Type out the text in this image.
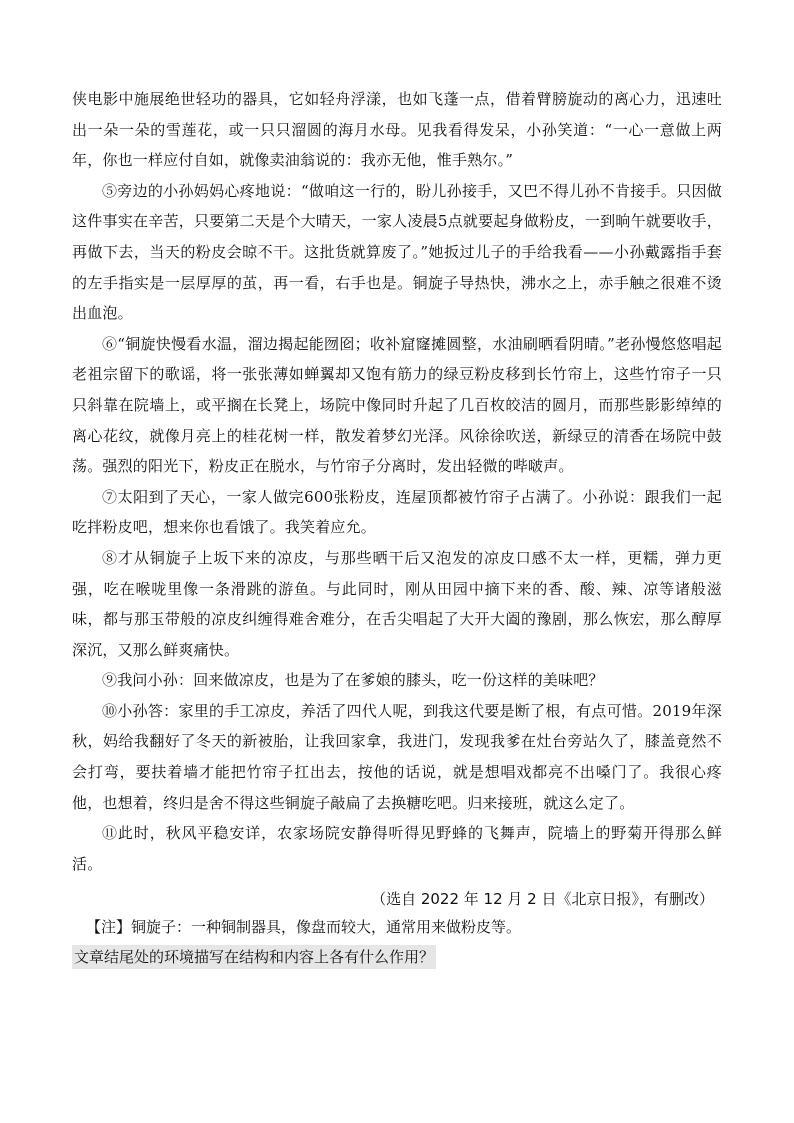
侠电影中施展绝世轻功的器具，它如轻舟浮漾，也如飞蓬一点，借着臂膀旋动的离心力，迅速吐出一朵一朵的雪莲花，或一只只溜圆的海月水母。见我看得发呆，小孙笑道：“一心一意做上两年，你也一样应付自如，就像卖油翁说的：我亦无他，惟手熟尔。”

⑤旁边的小孙妈妈心疼地说：“做咱这一行的，盼儿孙接手，又巴不得儿孙不肯接手。只因做这件事实在辛苦，只要第二天是个大晴天，一家人凌晨5点就要起身做粉皮，一到晌午就要收手，再做下去，当天的粉皮会晾不干。这批货就算废了。”她扳过儿子的手给我看——小孙戴露指手套的左手指实是一层厚厚的茧，再一看，右手也是。铜旋子导热快，沸水之上，赤手触之很难不烫出血泡。

⑥“铜旋快慢看水温，溜边揭起能囫囵；收补窟窿摊圆整，水油刷晒看阴晴。”老孙慢悠悠唱起老祖宗留下的歌谣，将一张张薄如蝉翼却又饱有筋力的绿豆粉皮移到长竹帘上，这些竹帘子一只只斜靠在院墙上，或平搁在长凳上，场院中像同时升起了几百枚皎洁的圆月，而那些影影绰绰的离心花纹，就像月亮上的桂花树一样，散发着梦幻光泽。风徐徐吹送，新绿豆的清香在场院中鼓荡。强烈的阳光下，粉皮正在脱水，与竹帘子分离时，发出轻微的哔啵声。

⑦太阳到了天心，一家人做完600张粉皮，连屋顶都被竹帘子占满了。小孙说：跟我们一起吃拌粉皮吧，想来你也看饿了。我笑着应允。

⑧才从铜旋子上坂下来的凉皮，与那些晒干后又泡发的凉皮口感不太一样，更糯，弹力更强，吃在喉咙里像一条滑跳的游鱼。与此同时，刚从田园中摘下来的香、酸、辣、凉等诸般滋味，都与那玉带般的凉皮纠缠得难舍难分，在舌尖唱起了大开大阖的豫剧，那么恢宏，那么醇厚深沉，又那么鲜爽痛快。

⑨我问小孙：回来做凉皮，也是为了在爹娘的膝头，吃一份这样的美味吧？

⑩小孙答：家里的手工凉皮，养活了四代人呢，到我这代要是断了根，有点可惜。2019年深秋，妈给我翻好了冬天的新被胎，让我回家拿，我进门，发现我爹在灶台旁站久了，膝盖竟然不会打弯，要扶着墙才能把竹帘子扛出去，按他的话说，就是想唱戏都亮不出嗓门了。我很心疼他，也想着，终归是舍不得这些铜旋子敲扁了去换糖吃吧。归来接班，就这么定了。

⑪此时，秋风平稳安详，农家场院安静得听得见野蜂的飞舞声，院墙上的野菊开得那么鲜活。

（选自 2022 年 12 月 2 日《北京日报》，有删改）

【注】铜旋子：一种铜制器具，像盘而较大，通常用来做粉皮等。

文章结尾处的环境描写在结构和内容上各有什么作用？
